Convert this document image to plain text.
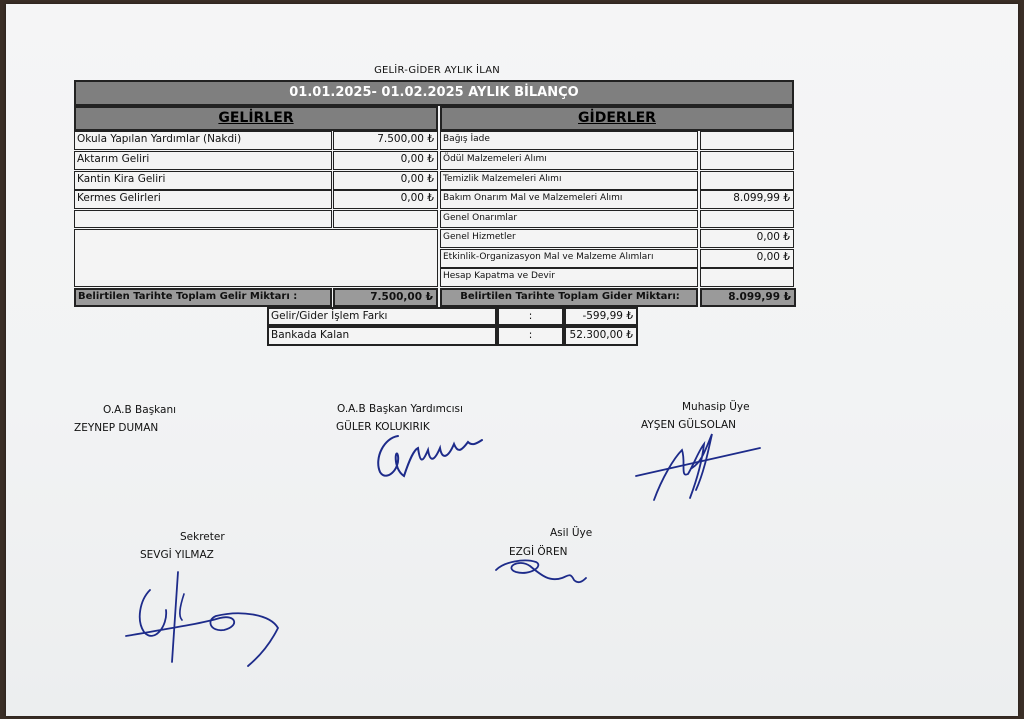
GELİR-GİDER AYLIK İLAN
01.01.2025- 01.02.2025 AYLIK BİLANÇO
GELİRLER	GİDERLER
Okula Yapılan Yardımlar (Nakdi)	7.500,00 ₺
Aktarım Geliri	0,00 ₺
Kantin Kira Geliri	0,00 ₺
Kermes Gelirleri	0,00 ₺
Bağış İade
Ödül Malzemeleri Alımı
Temizlik Malzemeleri Alımı
Bakım Onarım Mal ve Malzemeleri Alımı	8.099,99 ₺
Genel Onarımlar
Genel Hizmetler	0,00 ₺
Etkinlik-Organizasyon Mal ve Malzeme Alımları	0,00 ₺
Hesap Kapatma ve Devir
Belirtilen Tarihte Toplam Gelir Miktarı :	7.500,00 ₺	Belirtilen Tarihte Toplam Gider Miktarı:	8.099,99 ₺
Gelir/Gider İşlem Farkı	:	-599,99 ₺
Bankada Kalan	:	52.300,00 ₺
O.A.B Başkanı
ZEYNEP DUMAN
O.A.B Başkan Yardımcısı
GÜLER KOLUKIRIK
Muhasip Üye
AYŞEN GÜLSOLAN
Sekreter
SEVGİ YILMAZ
Asil Üye
EZGİ ÖREN
